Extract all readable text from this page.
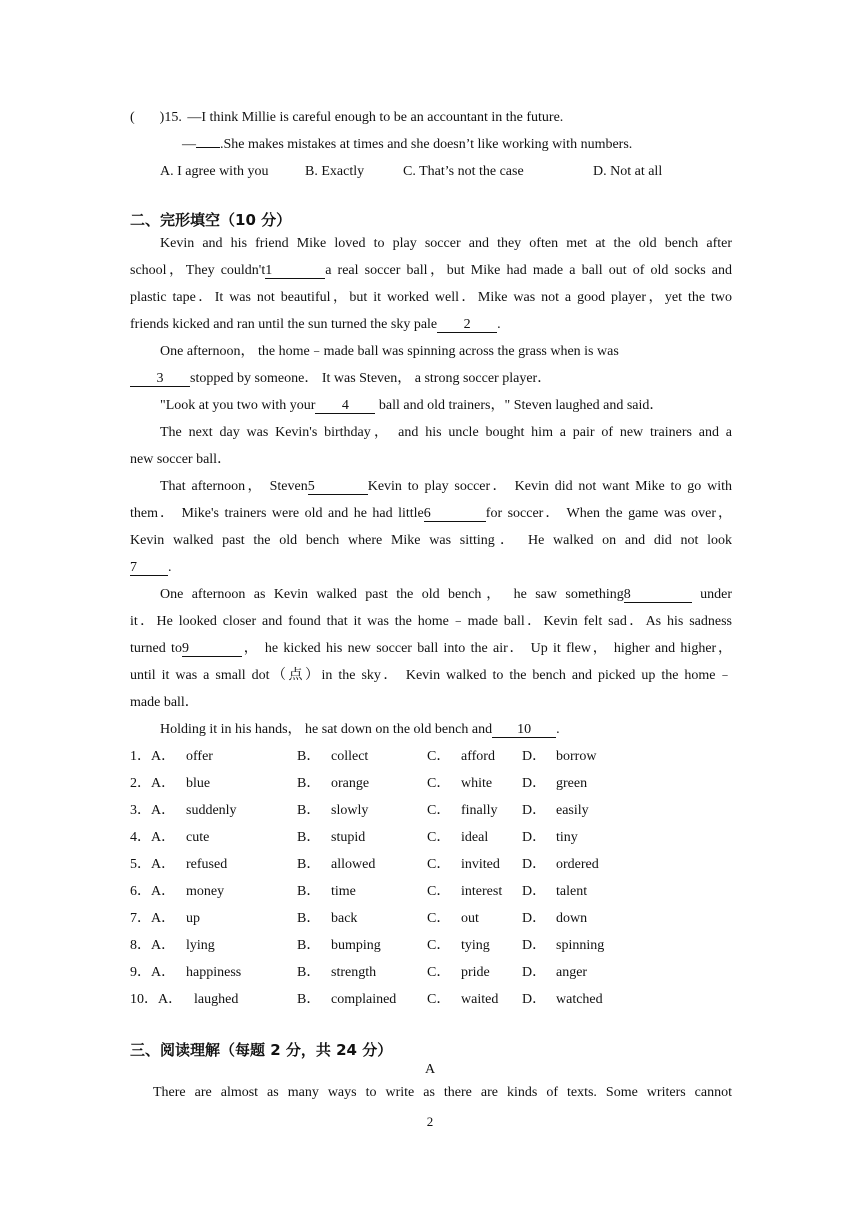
( )15. —I think Millie is careful enough to be an accountant in the future.
— .She makes mistakes at times and she doesn’t like working with numbers.
A. I agree with you	B. Exactly	C. That’s not the case	D. Not at all
二、完形填空（10 分）
Kevin and his friend Mike loved to play soccer and they often met at the old bench after
school，They couldn't1	a real soccer ball，but Mike had made a ball out of old socks and
plastic tape．It was not beautiful，but it worked well．Mike was not a good player，yet the two
friends kicked and ran until the sun turned the sky pale 2 .
One afternoon， the home﹣made ball was spinning across the grass when is was
3 stopped by someone． It was Steven， a strong soccer player．
"Look at you two with your 4 ball and old trainers，" Steven laughed and said．
The next day was Kevin's birthday， and his uncle bought him a pair of new trainers and a
new soccer ball．
That afternoon， Steven5	Kevin to play soccer． Kevin did not want Mike to go with
them． Mike's trainers were old and he had little6	for soccer． When the game was over，
Kevin walked past the old bench where Mike was sitting． He walked on and did not look
7 .
One afternoon as Kevin walked past the old bench， he saw something8	under
it．He looked closer and found that it was the home﹣made ball．Kevin felt sad．As his sadness
turned to9	， he kicked his new soccer ball into the air． Up it flew， higher and higher，
until it was a small dot（点）in the sky． Kevin walked to the bench and picked up the home﹣
made ball．
Holding it in his hands， he sat down on the old bench and 10 .
1．A． offer	B． collect	C． afford D． borrow
2．A． blue	B． orange	C． white D． green
3．A． suddenly	B． slowly	C． finally D． easily
4．A． cute	B． stupid	C． ideal D． tiny
5．A． refused	B． allowed	C． invited D． ordered
6．A． money	B． time	C． interest D． talent
7．A． up	B． back	C． out	D． down
8．A． lying	B． bumping	C． tying D． spinning
9．A． happiness	B． strength	C． pride D． anger
10．A． laughed	B． complained C． waited D． watched
三、阅读理解（每题 2 分，共 24 分）
A
There are almost as many ways to write as there are kinds of texts. Some writers cannot
2
